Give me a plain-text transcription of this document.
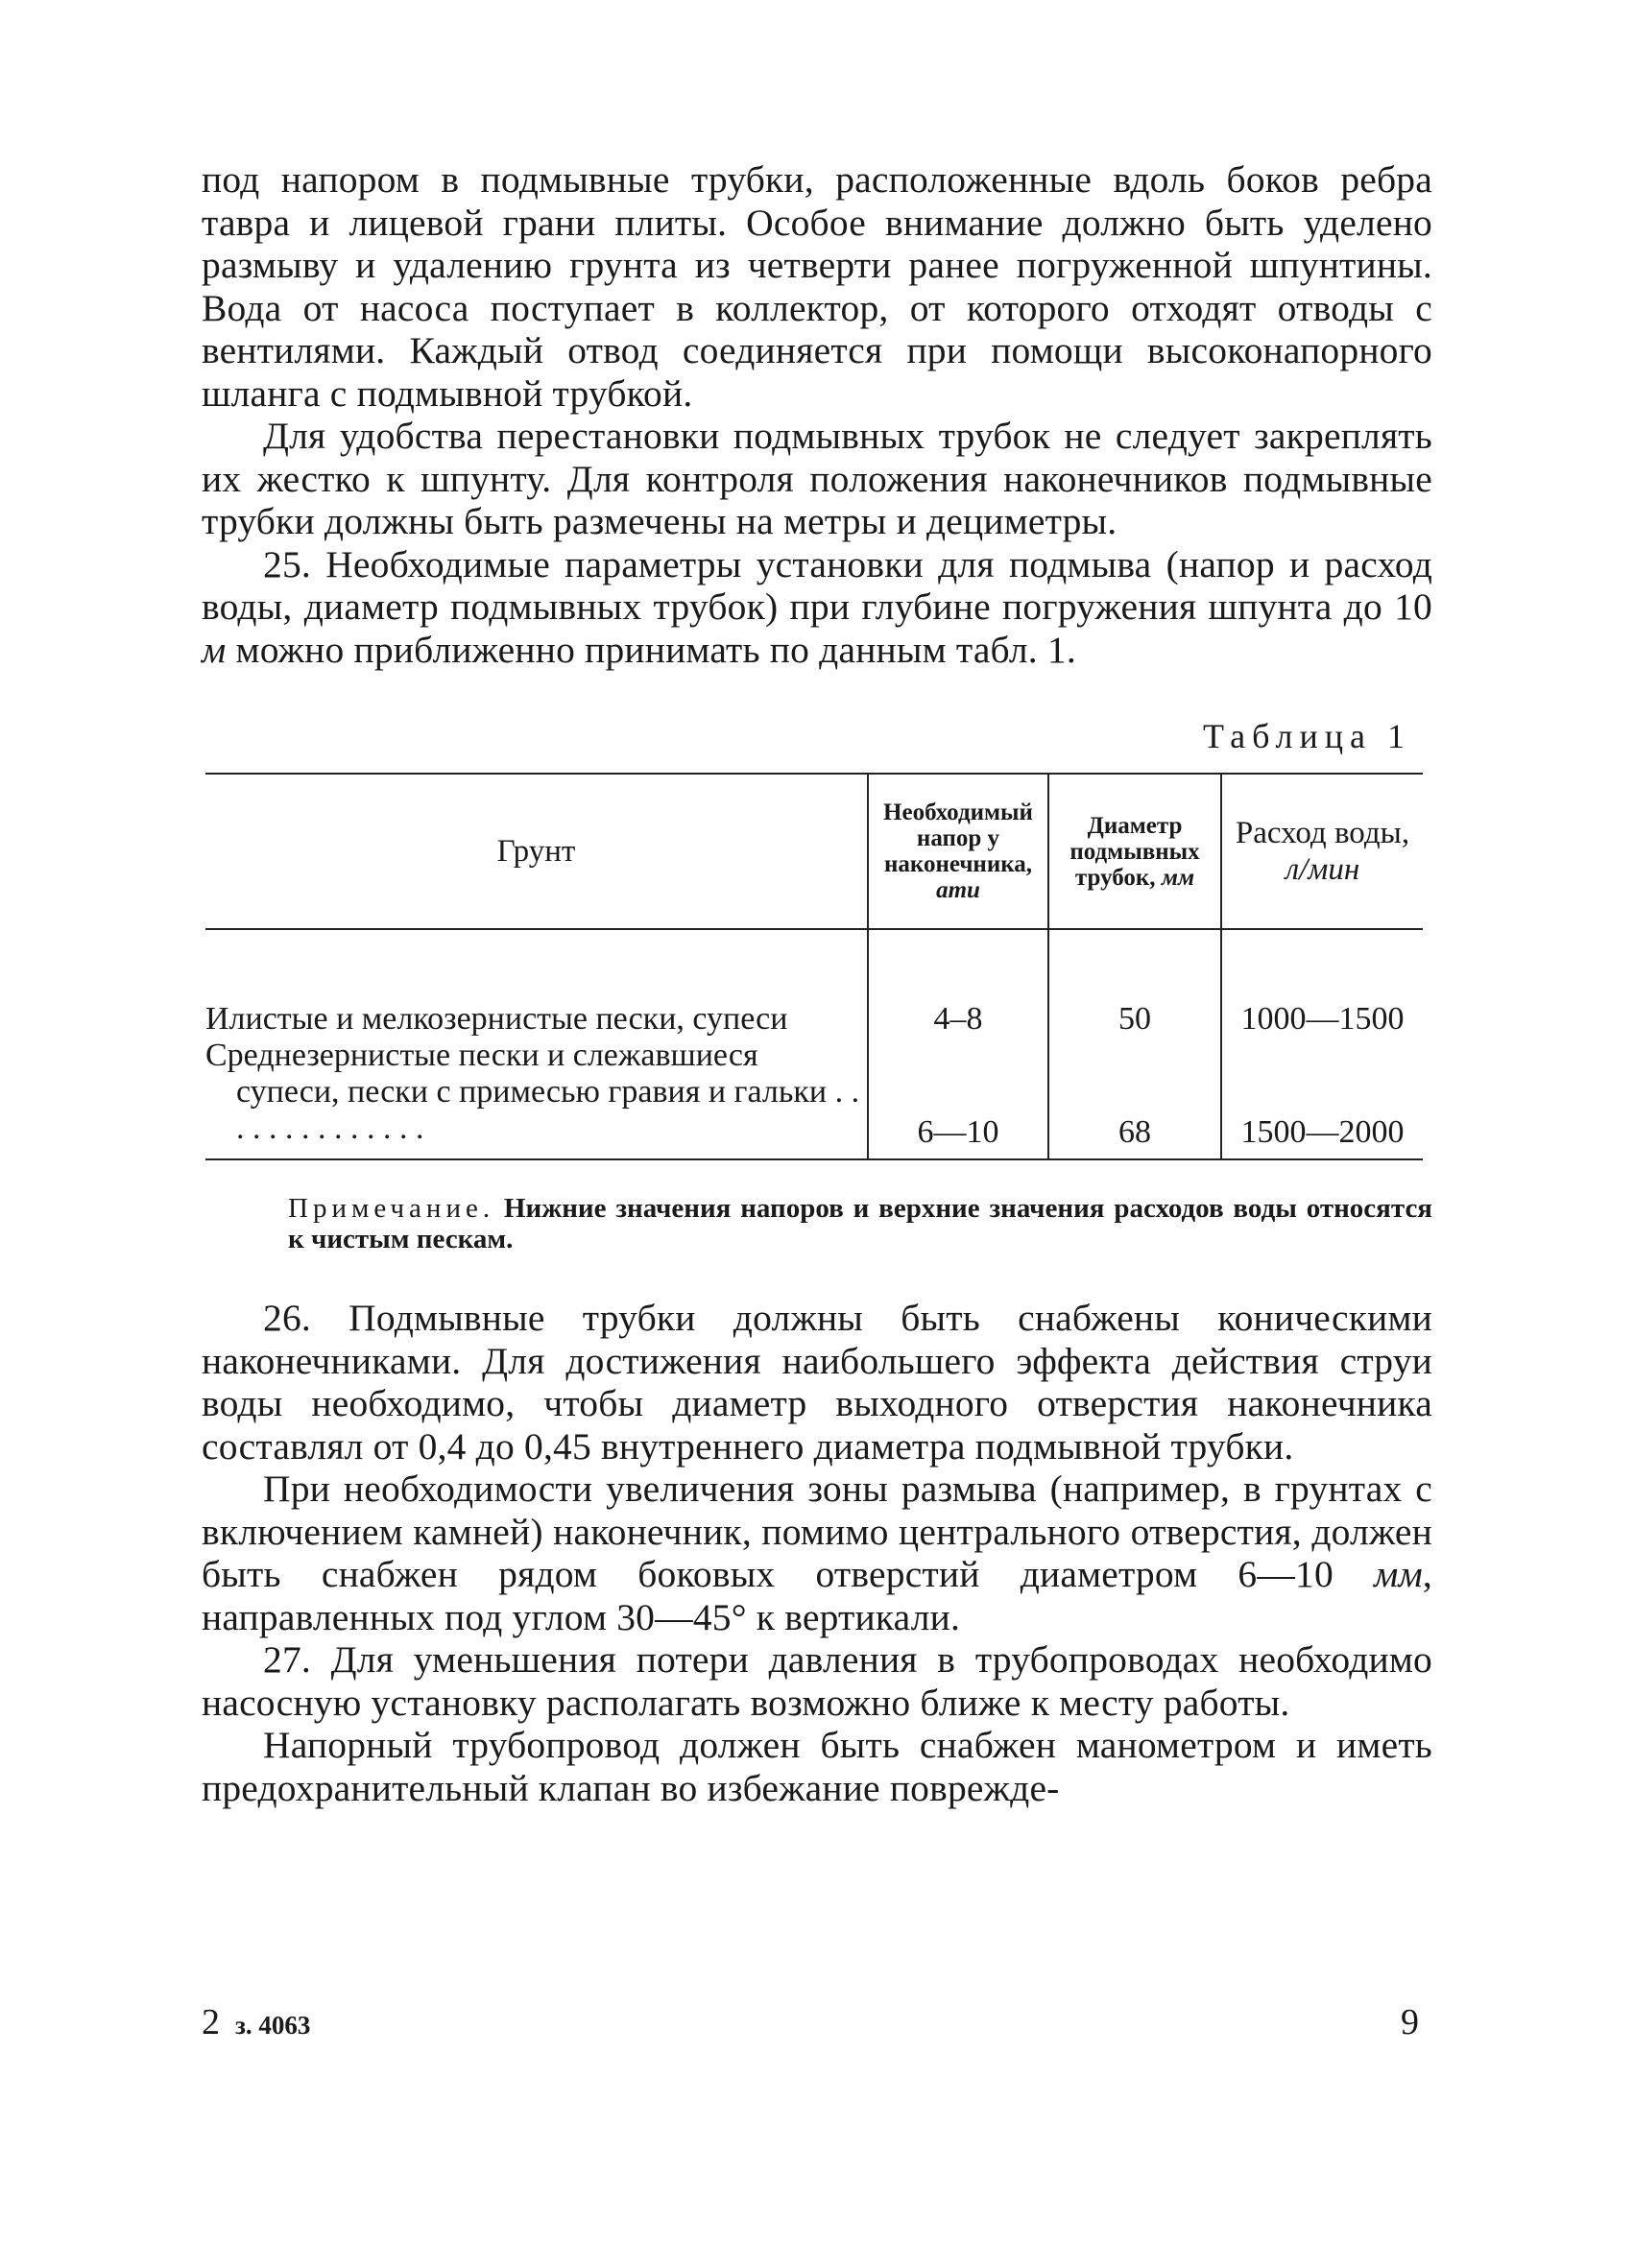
под напором в подмывные трубки, расположенные вдоль боков ребра тавра и лицевой грани плиты. Особое внимание должно быть уделено размыву и удалению грунта из четверти ранее погруженной шпунтины. Вода от насоса поступает в коллектор, от которого отходят отводы с вентилями. Каждый отвод соединяется при помощи высоконапорного шланга с подмывной трубкой.

Для удобства перестановки подмывных трубок не следует закреплять их жестко к шпунту. Для контроля положения наконечников подмывные трубки должны быть размечены на метры и дециметры.

25. Необходимые параметры установки для подмыва (напор и расход воды, диаметр подмывных трубок) при глубине погружения шпунта до 10 м можно приближенно принимать по данным табл. 1.

Таблица 1
Грунт	Необходимый напор у наконечника, ати	Диаметр подмывных трубок, мм	Расход воды, л/мин
Илистые и мелкозернистые пески, супеси	4–8	50	1000—1500
Среднезернистые пески и слежавшиеся
супеси, пески с примесью гравия и гальки . . . . . . . . . . . . . .	6—10	68	1500—2000

Примечание. Нижние значения напоров и верхние значения расходов воды относятся к чистым пескам.

26. Подмывные трубки должны быть снабжены коническими наконечниками. Для достижения наибольшего эффекта действия струи воды необходимо, чтобы диаметр выходного отверстия наконечника составлял от 0,4 до 0,45 внутреннего диаметра подмывной трубки.

При необходимости увеличения зоны размыва (например, в грунтах с включением камней) наконечник, помимо центрального отверстия, должен быть снабжен рядом боковых отверстий диаметром 6—10 мм, направленных под углом 30—45° к вертикали.

27. Для уменьшения потери давления в трубопроводах необходимо насосную установку располагать возможно ближе к месту работы.

Напорный трубопровод должен быть снабжен манометром и иметь предохранительный клапан во избежание поврежде-

2 з. 4063	9
